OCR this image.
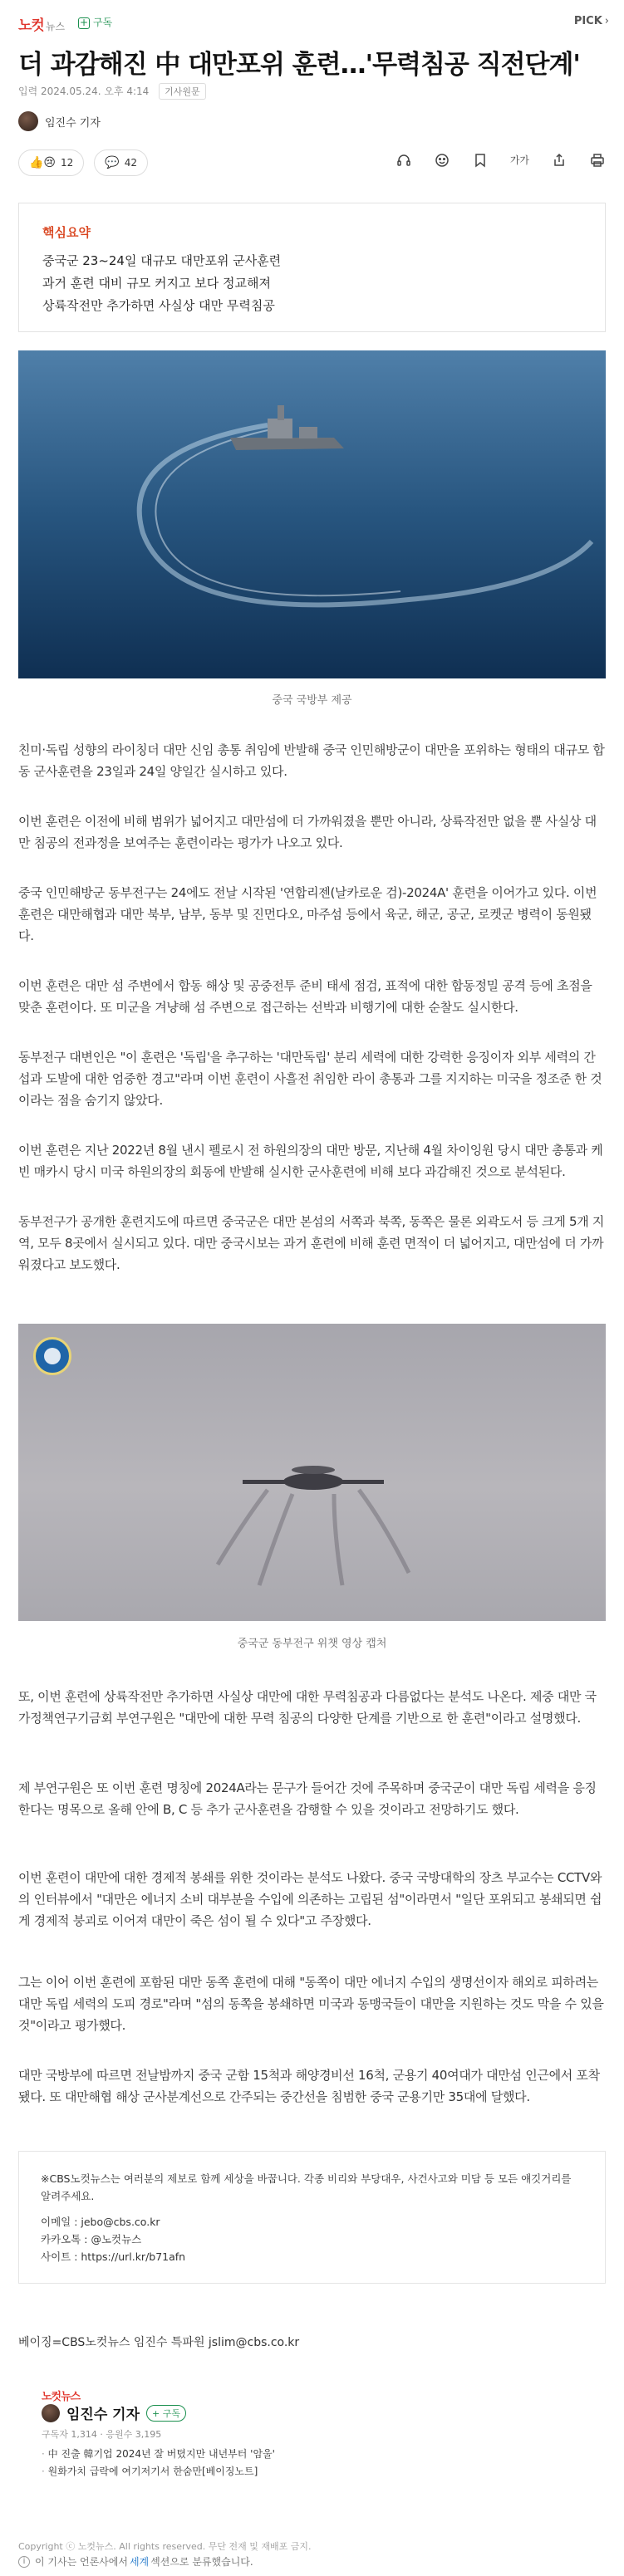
노컷 뉴스 + 구독	PICK ›
더 과감해진 中 대만포위 훈련…'무력침공 직전단계'
입력 2024.05.24. 오후 4:14 기사원문
임진수 기자
👍😢 12	💬 42	가가
핵심요약
중국군 23~24일 대규모 대만포위 군사훈련
과거 훈련 대비 규모 커지고 보다 정교해져
상륙작전만 추가하면 사실상 대만 무력침공
중국 국방부 제공

친미·독립 성향의 라이칭더 대만 신임 총통 취임에 반발해 중국 인민해방군이 대만을 포위하는 형태의 대규모 합동 군사훈련을 23일과 24일 양일간 실시하고 있다.

이번 훈련은 이전에 비해 범위가 넓어지고 대만섬에 더 가까워졌을 뿐만 아니라, 상륙작전만 없을 뿐 사실상 대만 침공의 전과정을 보여주는 훈련이라는 평가가 나오고 있다.

중국 인민해방군 동부전구는 24에도 전날 시작된 '연합리젠(날카로운 검)-2024A' 훈련을 이어가고 있다. 이번 훈련은 대만해협과 대만 북부, 남부, 동부 및 진먼다오, 마주섬 등에서 육군, 해군, 공군, 로켓군 병력이 동원됐다.

이번 훈련은 대만 섬 주변에서 합동 해상 및 공중전투 준비 태세 점검, 표적에 대한 합동정밀 공격 등에 초점을 맞춘 훈련이다. 또 미군을 겨냥해 섬 주변으로 접근하는 선박과 비행기에 대한 순찰도 실시한다.

동부전구 대변인은 "이 훈련은 '독립'을 추구하는 '대만독립' 분리 세력에 대한 강력한 응징이자 외부 세력의 간섭과 도발에 대한 엄중한 경고"라며 이번 훈련이 사흘전 취임한 라이 총통과 그를 지지하는 미국을 정조준 한 것이라는 점을 숨기지 않았다.

이번 훈련은 지난 2022년 8월 낸시 펠로시 전 하원의장의 대만 방문, 지난해 4월 차이잉원 당시 대만 총통과 케빈 매카시 당시 미국 하원의장의 회동에 반발해 실시한 군사훈련에 비해 보다 과감해진 것으로 분석된다.

동부전구가 공개한 훈련지도에 따르면 중국군은 대만 본섬의 서쪽과 북쪽, 동쪽은 물론 외곽도서 등 크게 5개 지역, 모두 8곳에서 실시되고 있다. 대만 중국시보는 과거 훈련에 비해 훈련 면적이 더 넓어지고, 대만섬에 더 가까워졌다고 보도했다.

중국군 동부전구 위챗 영상 캡처

또, 이번 훈련에 상륙작전만 추가하면 사실상 대만에 대한 무력침공과 다름없다는 분석도 나온다. 제중 대만 국가정책연구기금회 부연구원은 "대만에 대한 무력 침공의 다양한 단계를 기반으로 한 훈련"이라고 설명했다.

제 부연구원은 또 이번 훈련 명칭에 2024A라는 문구가 들어간 것에 주목하며 중국군이 대만 독립 세력을 응징한다는 명목으로 올해 안에 B, C 등 추가 군사훈련을 감행할 수 있을 것이라고 전망하기도 했다.

이번 훈련이 대만에 대한 경제적 봉쇄를 위한 것이라는 분석도 나왔다. 중국 국방대학의 장츠 부교수는 CCTV와의 인터뷰에서 "대만은 에너지 소비 대부분을 수입에 의존하는 고립된 섬"이라면서 "일단 포위되고 봉쇄되면 쉽게 경제적 붕괴로 이어져 대만이 죽은 섬이 될 수 있다"고 주장했다.

그는 이어 이번 훈련에 포함된 대만 동쪽 훈련에 대해 "동쪽이 대만 에너지 수입의 생명선이자 해외로 피하려는 대만 독립 세력의 도피 경로"라며 "섬의 동쪽을 봉쇄하면 미국과 동맹국들이 대만을 지원하는 것도 막을 수 있을 것"이라고 평가했다.

대만 국방부에 따르면 전날밤까지 중국 군함 15척과 해양경비선 16척, 군용기 40여대가 대만섬 인근에서 포착됐다. 또 대만해협 해상 군사분계선으로 간주되는 중간선을 침범한 중국 군용기만 35대에 달했다.

※CBS노컷뉴스는 여러분의 제보로 함께 세상을 바꿉니다. 각종 비리와 부당대우, 사건사고와 미담 등 모든 얘깃거리를 알려주세요.
이메일 : jebo@cbs.co.kr
카카오톡 : @노컷뉴스
사이트 : https://url.kr/b71afn
베이징=CBS노컷뉴스 임진수 특파원 jslim@cbs.co.kr
노컷뉴스
임진수 기자	+ 구독
구독자 1,314 · 응원수 3,195
· 中 진출 韓기업 2024년 잘 버텼지만 내년부터 '암울'
· 원화가치 급락에 여기저기서 한숨만[베이징노트]
Copyright ⓒ 노컷뉴스. All rights reserved. 무단 전재 및 재배포 금지.
i 이 기사는 언론사에서 세계 섹션으로 분류했습니다.
